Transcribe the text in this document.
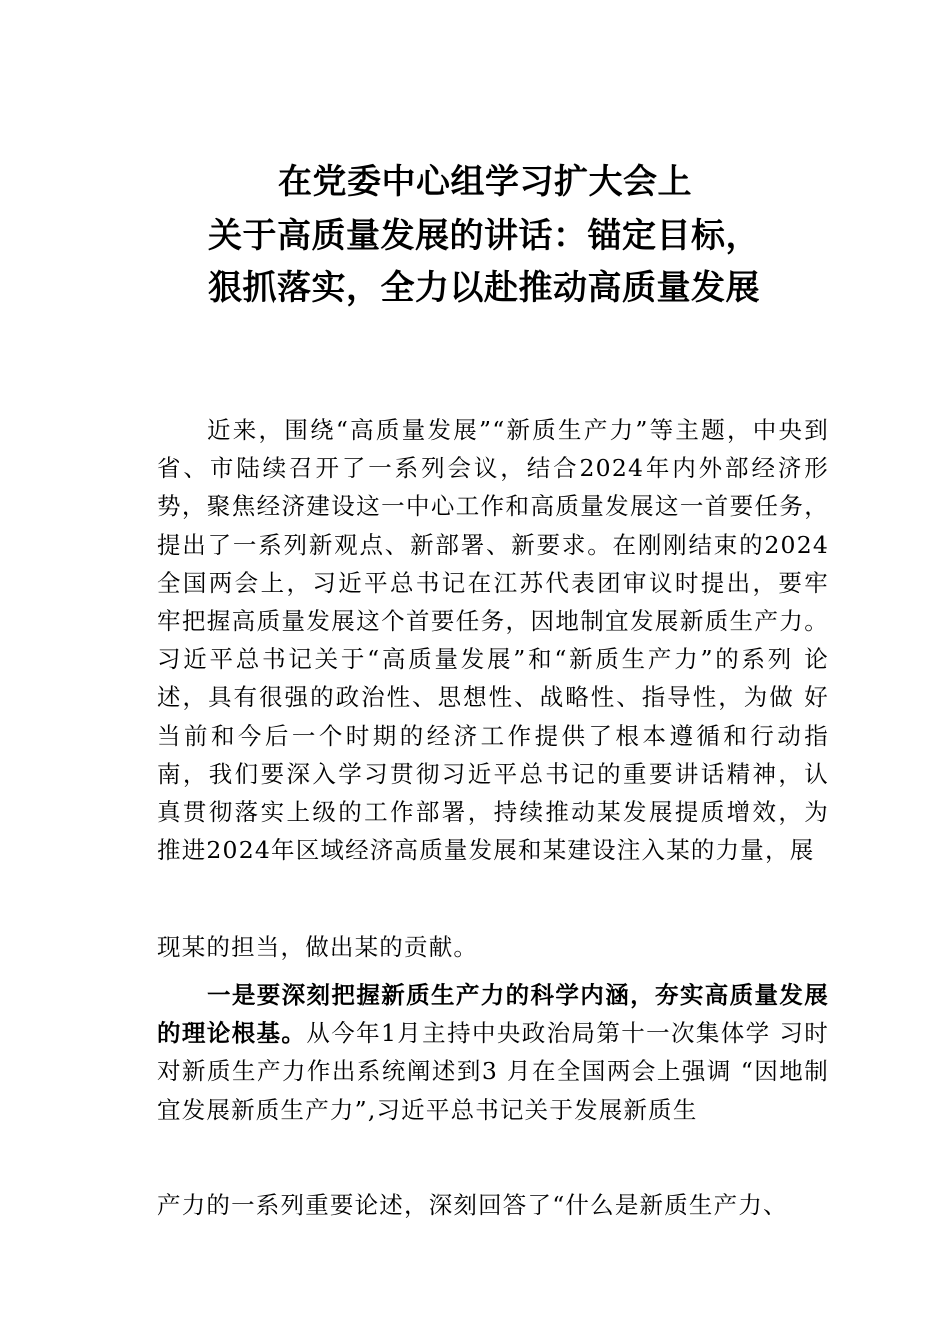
在党委中心组学习扩大会上
关于高质量发展的讲话：锚定目标，
狠抓落实，全力以赴推动高质量发展
近来，围绕“高质量发展”“新质生产力”等主题，中央到省、市陆续召开了一系列会议，结合2024年内外部经济形 势，聚焦经济建设这一中心工作和高质量发展这一首要任务， 提出了一系列新观点、新部署、新要求。在刚刚结束的2024 全国两会上，习近平总书记在江苏代表团审议时提出，要牢 牢把握高质量发展这个首要任务，因地制宜发展新质生产力。 习近平总书记关于“高质量发展”和“新质生产力”的系列 论述，具有很强的政治性、思想性、战略性、指导性，为做 好当前和今后一个时期的经济工作提供了根本遵循和行动指 南，我们要深入学习贯彻习近平总书记的重要讲话精神，认 真贯彻落实上级的工作部署，持续推动某发展提质增效，为 推进2024年区域经济高质量发展和某建设注入某的力量，展
现某的担当，做出某的贡献。
一是要深刻把握新质生产力的科学内涵，夯实高质量发展的理论根基。从今年1月主持中央政治局第十一次集体学 习时对新质生产力作出系统阐述到3 月在全国两会上强调 “因地制宜发展新质生产力”,习近平总书记关于发展新质生
产力的一系列重要论述，深刻回答了“什么是新质生产力、
